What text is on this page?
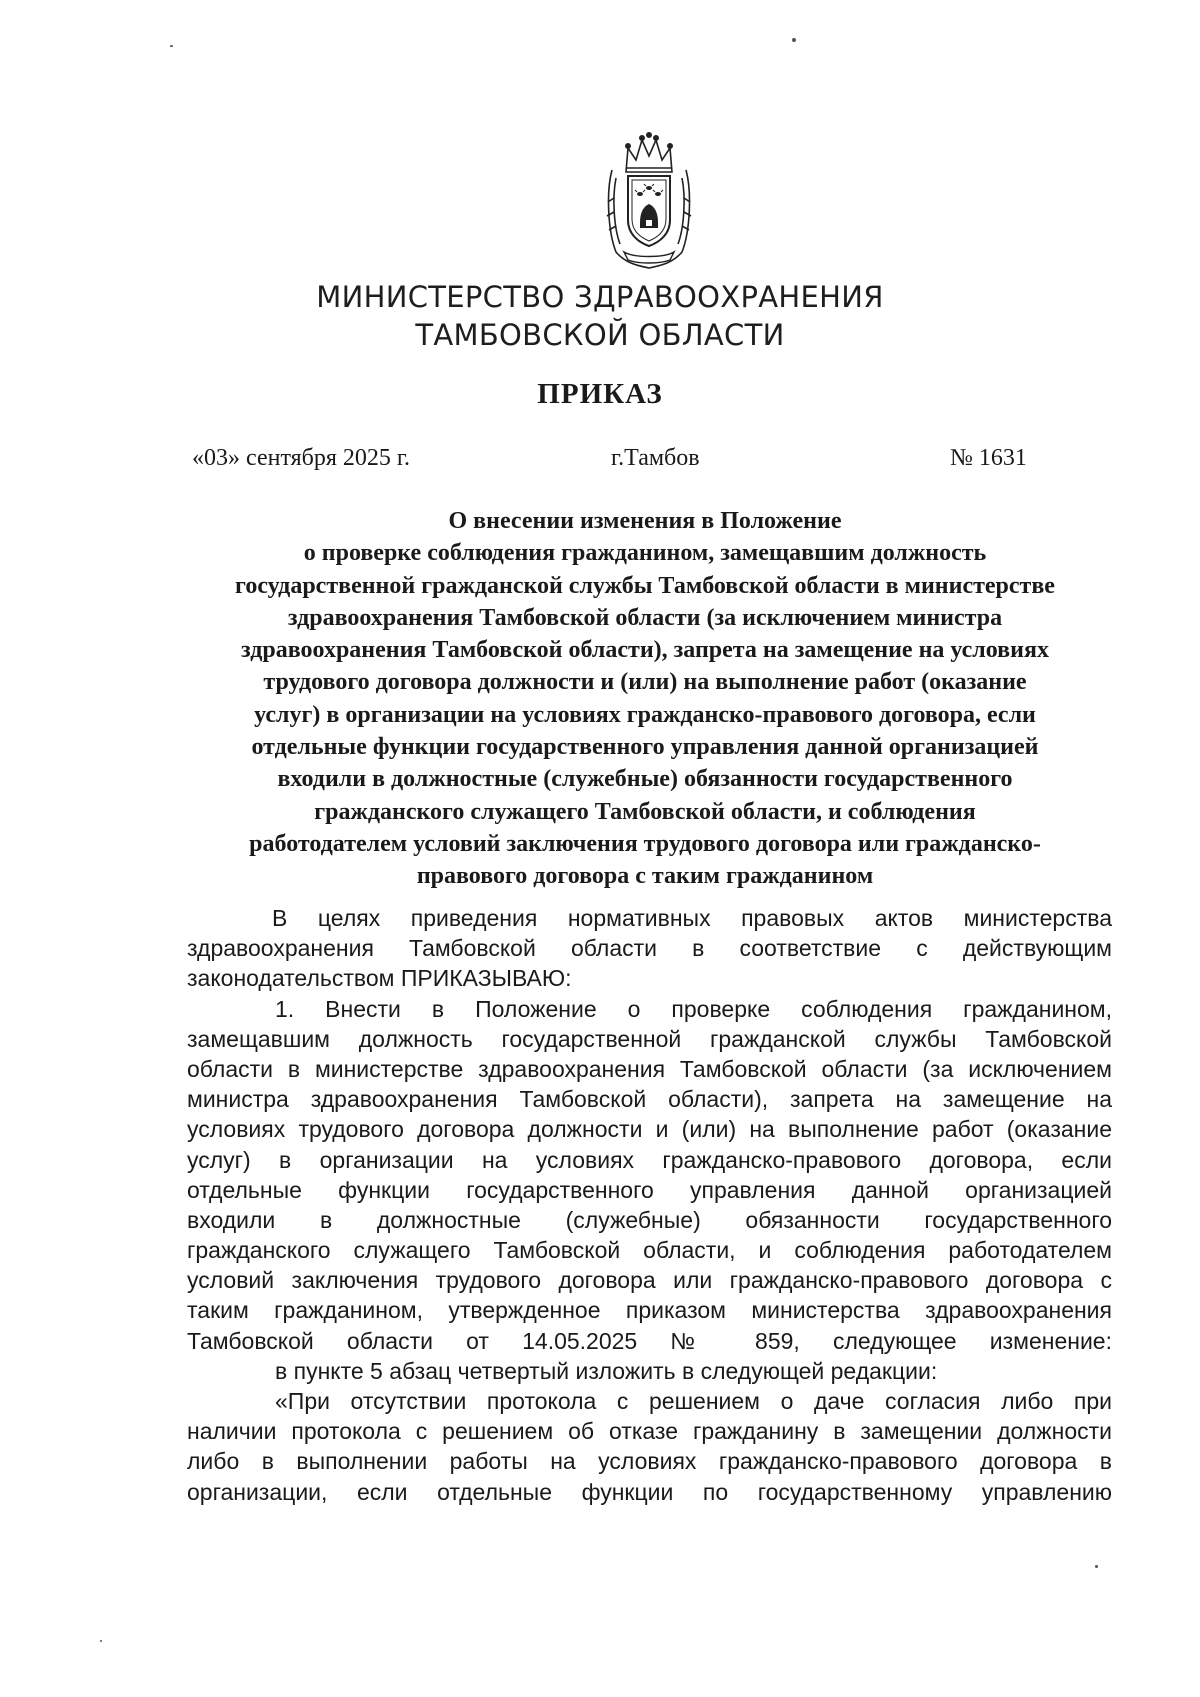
МИНИСТЕРСТВО ЗДРАВООХРАНЕНИЯ
ТАМБОВСКОЙ ОБЛАСТИ
ПРИКАЗ
«03» сентября 2025 г.	г.Тамбов	№ 1631
О внесении изменения в Положение
о проверке соблюдения гражданином, замещавшим должность
государственной гражданской службы Тамбовской области в министерстве
здравоохранения Тамбовской области (за исключением министра
здравоохранения Тамбовской области), запрета на замещение на условиях
трудового договора должности и (или) на выполнение работ (оказание
услуг) в организации на условиях гражданско-правового договора, если
отдельные функции государственного управления данной организацией
входили в должностные (служебные) обязанности государственного
гражданского служащего Тамбовской области, и соблюдения
работодателем условий заключения трудового договора или гражданско-
правового договора с таким гражданином
В целях приведения нормативных правовых актов министерства
здравоохранения Тамбовской области в соответствие с действующим
законодательством ПРИКАЗЫВАЮ:
1. Внести в Положение о проверке соблюдения гражданином,
замещавшим должность государственной гражданской службы Тамбовской
области в министерстве здравоохранения Тамбовской области (за исключением
министра здравоохранения Тамбовской области), запрета на замещение на
условиях трудового договора должности и (или) на выполнение работ (оказание
услуг) в организации на условиях гражданско-правового договора, если
отдельные функции государственного управления данной организацией
входили в должностные (служебные) обязанности государственного
гражданского служащего Тамбовской области, и соблюдения работодателем
условий заключения трудового договора или гражданско-правового договора с
таким гражданином, утвержденное приказом министерства здравоохранения
Тамбовской области от 14.05.2025 № 859, следующее изменение:
в пункте 5 абзац четвертый изложить в следующей редакции:
«При отсутствии протокола с решением о даче согласия либо при
наличии протокола с решением об отказе гражданину в замещении должности
либо в выполнении работы на условиях гражданско-правового договора в
организации, если отдельные функции по государственному управлению
